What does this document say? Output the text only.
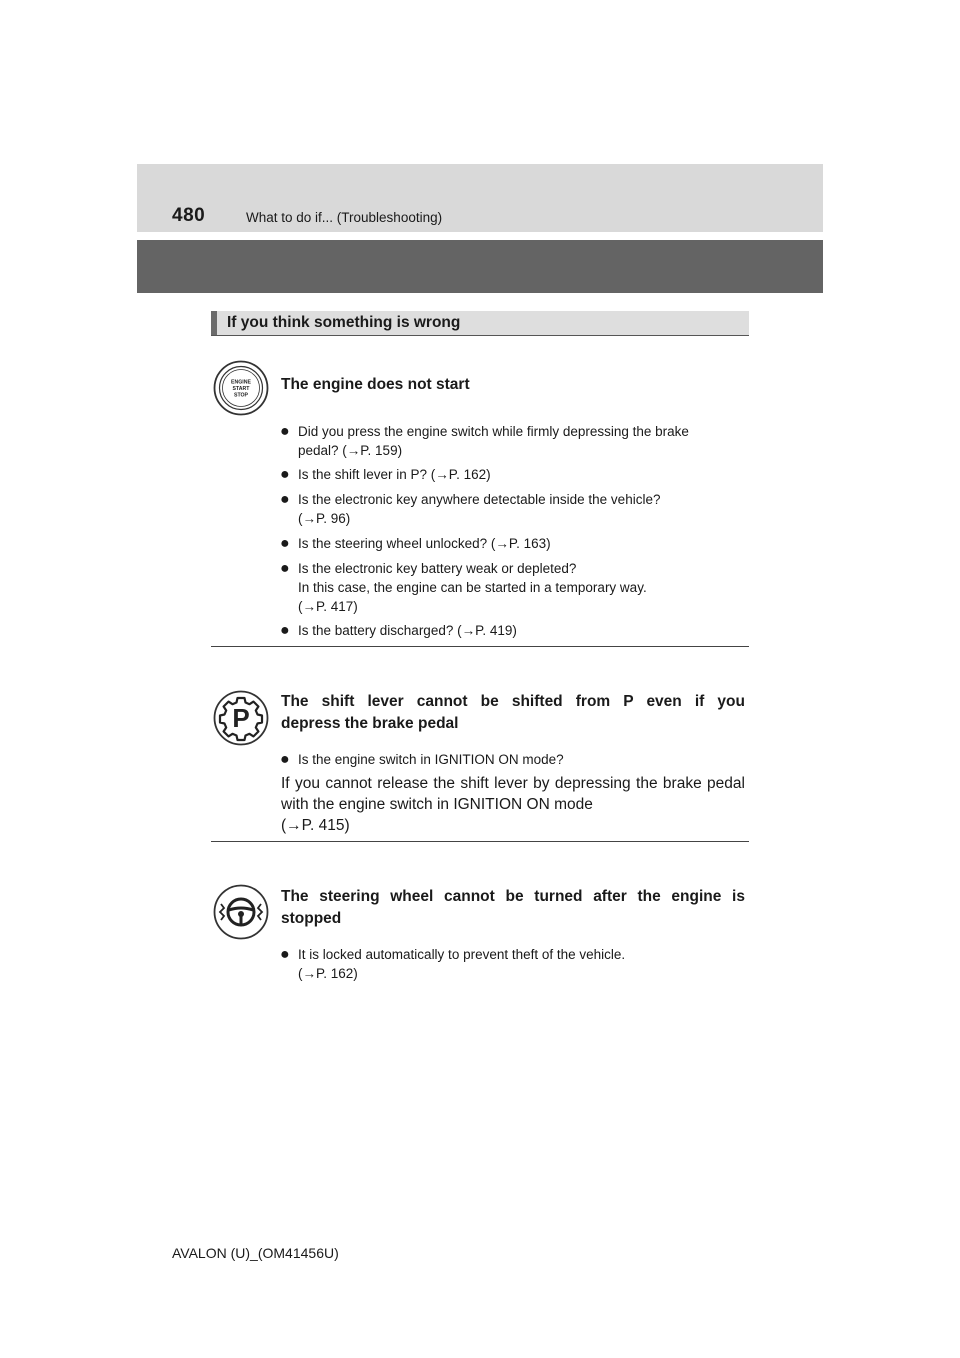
480	What to do if... (Troubleshooting)
If you think something is wrong
ENGINE
START
STOP
The engine does not start
● Did you press the engine switch while firmly depressing the brake
pedal? (→P. 159)
● Is the shift lever in P? (→P. 162)
● Is the electronic key anywhere detectable inside the vehicle?
(→P. 96)
● Is the steering wheel unlocked? (→P. 163)
● Is the electronic key battery weak or depleted?
In this case, the engine can be started in a temporary way.
(→P. 417)
● Is the battery discharged? (→P. 419)
P
The shift lever cannot be shifted from P even if you
depress the brake pedal
● Is the engine switch in IGNITION ON mode?
If you cannot release the shift lever by depressing the brake pedal with the engine switch in IGNITION ON mode
(→P. 415)
The steering wheel cannot be turned after the engine is
stopped
● It is locked automatically to prevent theft of the vehicle.
(→P. 162)
AVALON (U)_(OM41456U)
